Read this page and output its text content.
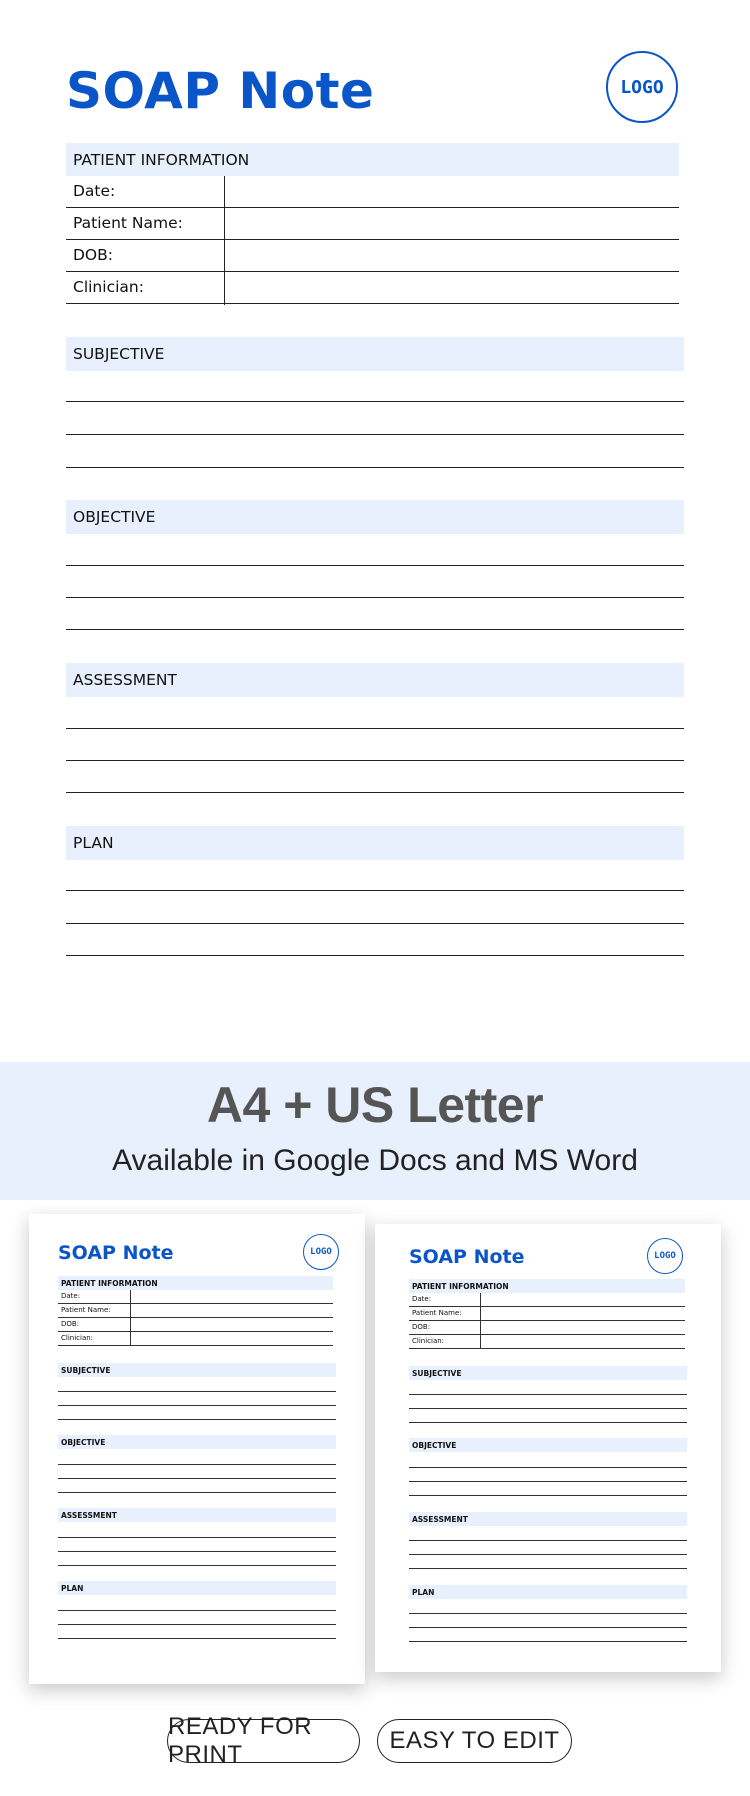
SOAP Note	LOGO
PATIENT INFORMATION
Date:
Patient Name:
DOB:
Clinician:
SUBJECTIVE
OBJECTIVE
ASSESSMENT
PLAN
A4 + US Letter
Available in Google Docs and MS Word
SOAP Note	LOGO
PATIENT INFORMATION
Date:
Patient Name:
DOB:
Clinician:
SUBJECTIVE
OBJECTIVE
ASSESSMENT
PLAN
SOAP Note	LOGO
PATIENT INFORMATION
Date:
Patient Name:
DOB:
Clinician:
SUBJECTIVE
OBJECTIVE
ASSESSMENT
PLAN
READY FOR PRINT
EASY TO EDIT
